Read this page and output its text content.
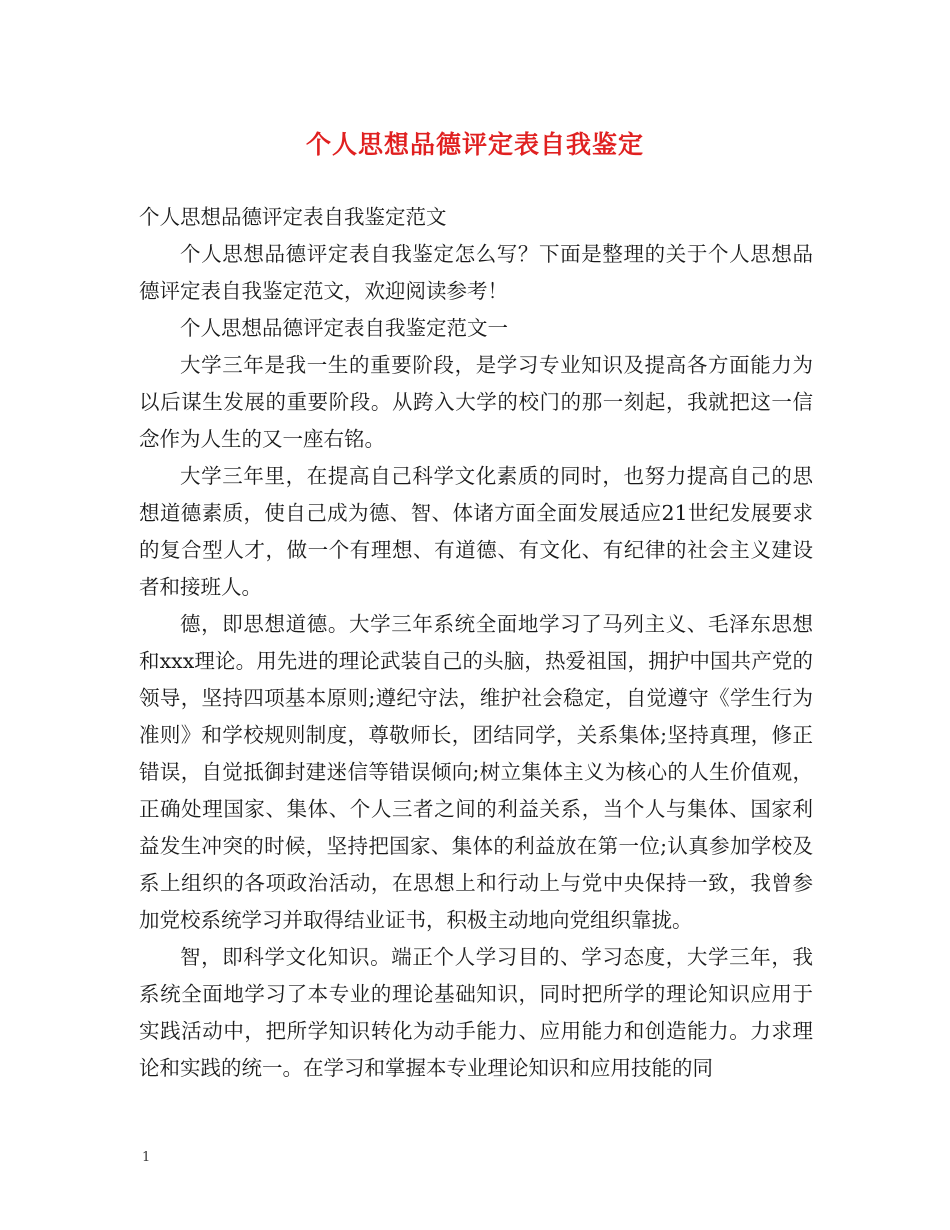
个人思想品德评定表自我鉴定

个人思想品德评定表自我鉴定范文

个人思想品德评定表自我鉴定怎么写？下面是整理的关于个人思想品德评定表自我鉴定范文，欢迎阅读参考！

个人思想品德评定表自我鉴定范文一

大学三年是我一生的重要阶段，是学习专业知识及提高各方面能力为以后谋生发展的重要阶段。从跨入大学的校门的那一刻起，我就把这一信念作为人生的又一座右铭。

大学三年里，在提高自己科学文化素质的同时，也努力提高自己的思想道德素质，使自己成为德、智、体诸方面全面发展适应21世纪发展要求的复合型人才，做一个有理想、有道德、有文化、有纪律的社会主义建设者和接班人。

德，即思想道德。大学三年系统全面地学习了马列主义、毛泽东思想和xxx理论。用先进的理论武装自己的头脑，热爱祖国，拥护中国共产党的领导，坚持四项基本原则;遵纪守法，维护社会稳定，自觉遵守《学生行为准则》和学校规则制度，尊敬师长，团结同学，关系集体;坚持真理，修正错误，自觉抵御封建迷信等错误倾向;树立集体主义为核心的人生价值观，正确处理国家、集体、个人三者之间的利益关系，当个人与集体、国家利益发生冲突的时候，坚持把国家、集体的利益放在第一位;认真参加学校及系上组织的各项政治活动，在思想上和行动上与党中央保持一致，我曾参加党校系统学习并取得结业证书，积极主动地向党组织靠拢。

智，即科学文化知识。端正个人学习目的、学习态度，大学三年，我系统全面地学习了本专业的理论基础知识，同时把所学的理论知识应用于实践活动中，把所学知识转化为动手能力、应用能力和创造能力。力求理论和实践的统一。在学习和掌握本专业理论知识和应用技能的同

1
